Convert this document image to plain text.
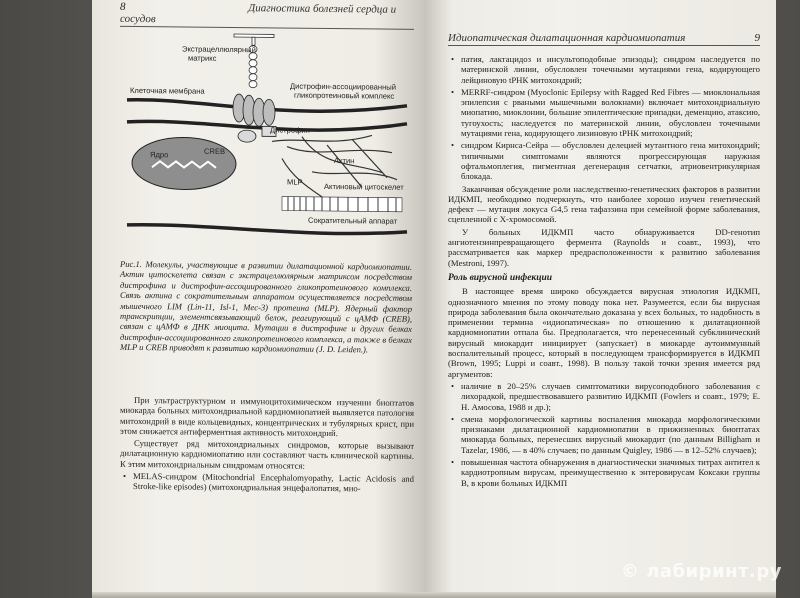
8	Диагностика болезней сердца и сосудов
Экстрацеллюлярный
матрикс
Клеточная мембрана	Дистрофин-ассоциированный
гликопротеиновый комплекс
Дистрофин
Актин
Ядро	CREB
MLP	Актиновый цитоскелет
Сократительный аппарат
Рис.1. Молекулы, участвующие в развитии дилатационной кардиомиопатии. Актин цитоскелета связан с экстрацеллюлярным матриксом посредством дистрофина и дистрофин-ассоциированного гликопротеинового комплекса. Связь актина с сократительным аппаратом осуществляется посредством мышечного LIM (Lin-11, Isl-1, Mec-3) протеина (MLP). Ядерный фактор транскрипции, элементсвязывающий белок, реагирующий с цАМФ (CREB), связан с цАМФ в ДНК миоцита. Мутации в дистрофине и других белках дистрофин-ассоциированного гликопротеинового комплекса, а также в белках MLP и CREB приводят к развитию кардиомиопатии (J. D. Leiden.).

При ультраструктурном и иммуноцитохимическом изучении биоптатов миокарда больных митохондриальной кардиомиопатией выявляется патология митохондрий в виде кольцевидных, концентрических и тубулярных крист, при этом снижается антиферментная активность митохондрий.

Существует ряд митохондриальных синдромов, которые вызывают дилатационную кардиомиопатию или составляют часть клинической картины. К этим митохондриальным синдромам относятся:

• MELAS-синдром (Mitochondrial Encephalomyopathy, Lactic Acidosis and Stroke-like episodes) (митохондриальная энцефалопатия, мио-

Идиопатическая дилатационная кардиомиопатия	9

• патия, лактацидоз и инсультоподобные эпизоды); синдром наследуется по материнской линии, обусловлен точечными мутациями гена, кодирующего лейциновую tРНК митохондрий;

• MERRF-синдром (Myoclonic Epilepsy with Ragged Red Fibres — миоклональная эпилепсия с рваными мышечными волокнами) включает митохондриальную миопатию, миоклонии, большие эпилептические припадки, деменцию, атаксию, тугоухость; наследуется по материнской линии, обусловлен точечными мутациями гена, кодирующего лизиновую tРНК митохондрий;

• синдром Кирнса-Сейра — обусловлен делецией мутантного гена митохондрий; типичными симптомами являются прогрессирующая наружная офтальмоплегия, пигментная дегенерация сетчатки, атриовентрикулярная блокада.

Заканчивая обсуждение роли наследственно-генетических факторов в развитии ИДКМП, необходимо подчеркнуть, что наиболее хорошо изучен генетический дефект — мутация локуса G4,5 гена тафаззина при семейной форме заболевания, сцепленной с X-хромосомой.

У больных ИДКМП часто обнаруживается DD-генотип ангиотензинпревращающего фермента (Raynolds и соавт., 1993), что рассматривается как маркер предрасположенности к развитию заболевания (Mestroni, 1997).

Роль вирусной инфекции

В настоящее время широко обсуждается вирусная этиология ИДКМП, однозначного мнения по этому поводу пока нет. Разумеется, если бы вирусная природа заболевания была окончательно доказана у всех больных, то надобность в применении термина «идиопатическая» по отношению к дилатационной кардиомиопатии отпала бы. Предполагается, что перенесенный субклинический вирусный миокардит инициирует (запускает) в миокарде аутоиммунный воспалительный процесс, который в последующем трансформируется в ИДКМП (Brown, 1995; Luppi и соавт., 1998). В пользу такой точки зрения имеется ряд аргументов:

• наличие в 20–25% случаев симптоматики вирусоподобного заболевания с лихорадкой, предшествовавшего развитию ИДКМП (Fowlers и соавт., 1979; Е. Н. Амосова, 1988 и др.);

• смена морфологической картины воспаления миокарда морфологическими признаками дилатационной кардиомиопатии в прижизненных биоптатах миокарда больных, перенесших вирусный миокардит (по данным Billigham и Tazelar, 1986, — в 40% случаев; по данным Quigley, 1986 — в 12–52% случаев);

• повышенная частота обнаружения в диагностически значимых титрах антител к кардиотропным вирусам, преимущественно к энтеровирусам Коксаки группы В, в крови больных ИДКМП

© лабиринт.ру
